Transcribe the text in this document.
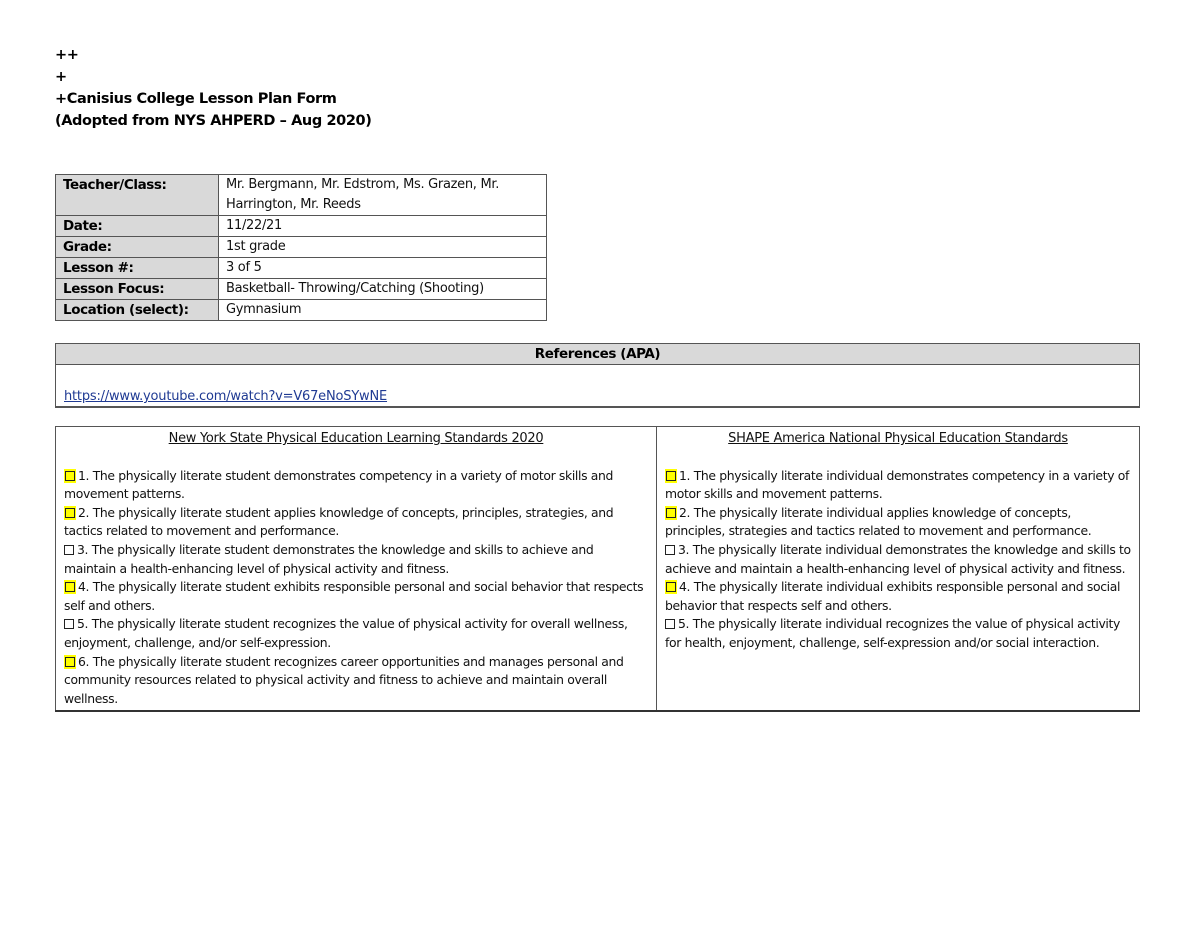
++
+
+Canisius College Lesson Plan Form
(Adopted from NYS AHPERD – Aug 2020)
Teacher/Class:	Mr. Bergmann, Mr. Edstrom, Ms. Grazen, Mr. Harrington, Mr. Reeds
Date:	11/22/21
Grade:	1st grade
Lesson #:	3 of 5
Lesson Focus:	Basketball- Throwing/Catching (Shooting)
Location (select):	Gymnasium
References (APA)
https://www.youtube.com/watch?v=V67eNoSYwNE
New York State Physical Education Learning Standards 2020

1. The physically literate student demonstrates competency in a variety of motor skills and movement patterns.

2. The physically literate student applies knowledge of concepts, principles, strategies, and tactics related to movement and performance.

3. The physically literate student demonstrates the knowledge and skills to achieve and maintain a health-enhancing level of physical activity and fitness.

4. The physically literate student exhibits responsible personal and social behavior that respects self and others.

5. The physically literate student recognizes the value of physical activity for overall wellness, enjoyment, challenge, and/or self-expression.

6. The physically literate student recognizes career opportunities and manages personal and community resources related to physical activity and fitness to achieve and maintain overall wellness.

SHAPE America National Physical Education Standards

1. The physically literate individual demonstrates competency in a variety of motor skills and movement patterns.

2. The physically literate individual applies knowledge of concepts, principles, strategies and tactics related to movement and performance.

3. The physically literate individual demonstrates the knowledge and skills to achieve and maintain a health-enhancing level of physical activity and fitness.

4. The physically literate individual exhibits responsible personal and social behavior that respects self and others.

5. The physically literate individual recognizes the value of physical activity for health, enjoyment, challenge, self-expression and/or social interaction.
